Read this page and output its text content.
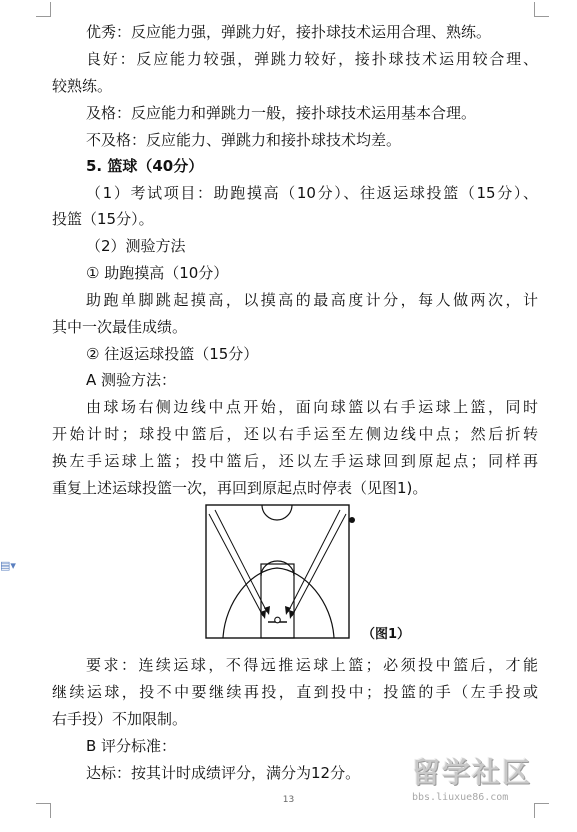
▤▾
优秀：反应能力强，弹跳力好，接扑球技术运用合理、熟练。
良好：反应能力较强，弹跳力较好，接扑球技术运用较合理、
较熟练。
及格：反应能力和弹跳力一般，接扑球技术运用基本合理。
不及格：反应能力、弹跳力和接扑球技术均差。
5. 篮球（40分）
（1）考试项目：助跑摸高（10分）、往返运球投篮（15分）、
投篮（15分）。
（2）测验方法
① 助跑摸高（10分）
助跑单脚跳起摸高，以摸高的最高度计分，每人做两次，计
其中一次最佳成绩。
② 往返运球投篮（15分）
A 测验方法：
由球场右侧边线中点开始，面向球篮以右手运球上篮，同时
开始计时；球投中篮后，还以右手运至左侧边线中点；然后折转
换左手运球上篮；投中篮后，还以左手运球回到原起点；同样再
重复上述运球投篮一次，再回到原起点时停表（见图1)。
（图1）
要求：连续运球，不得远推运球上篮；必须投中篮后，才能
继续运球，投不中要继续再投，直到投中；投篮的手（左手投或
右手投）不加限制。
B 评分标准：
达标：按其计时成绩评分，满分为12分。
13
留学社区
bbs.liuxue86.com
